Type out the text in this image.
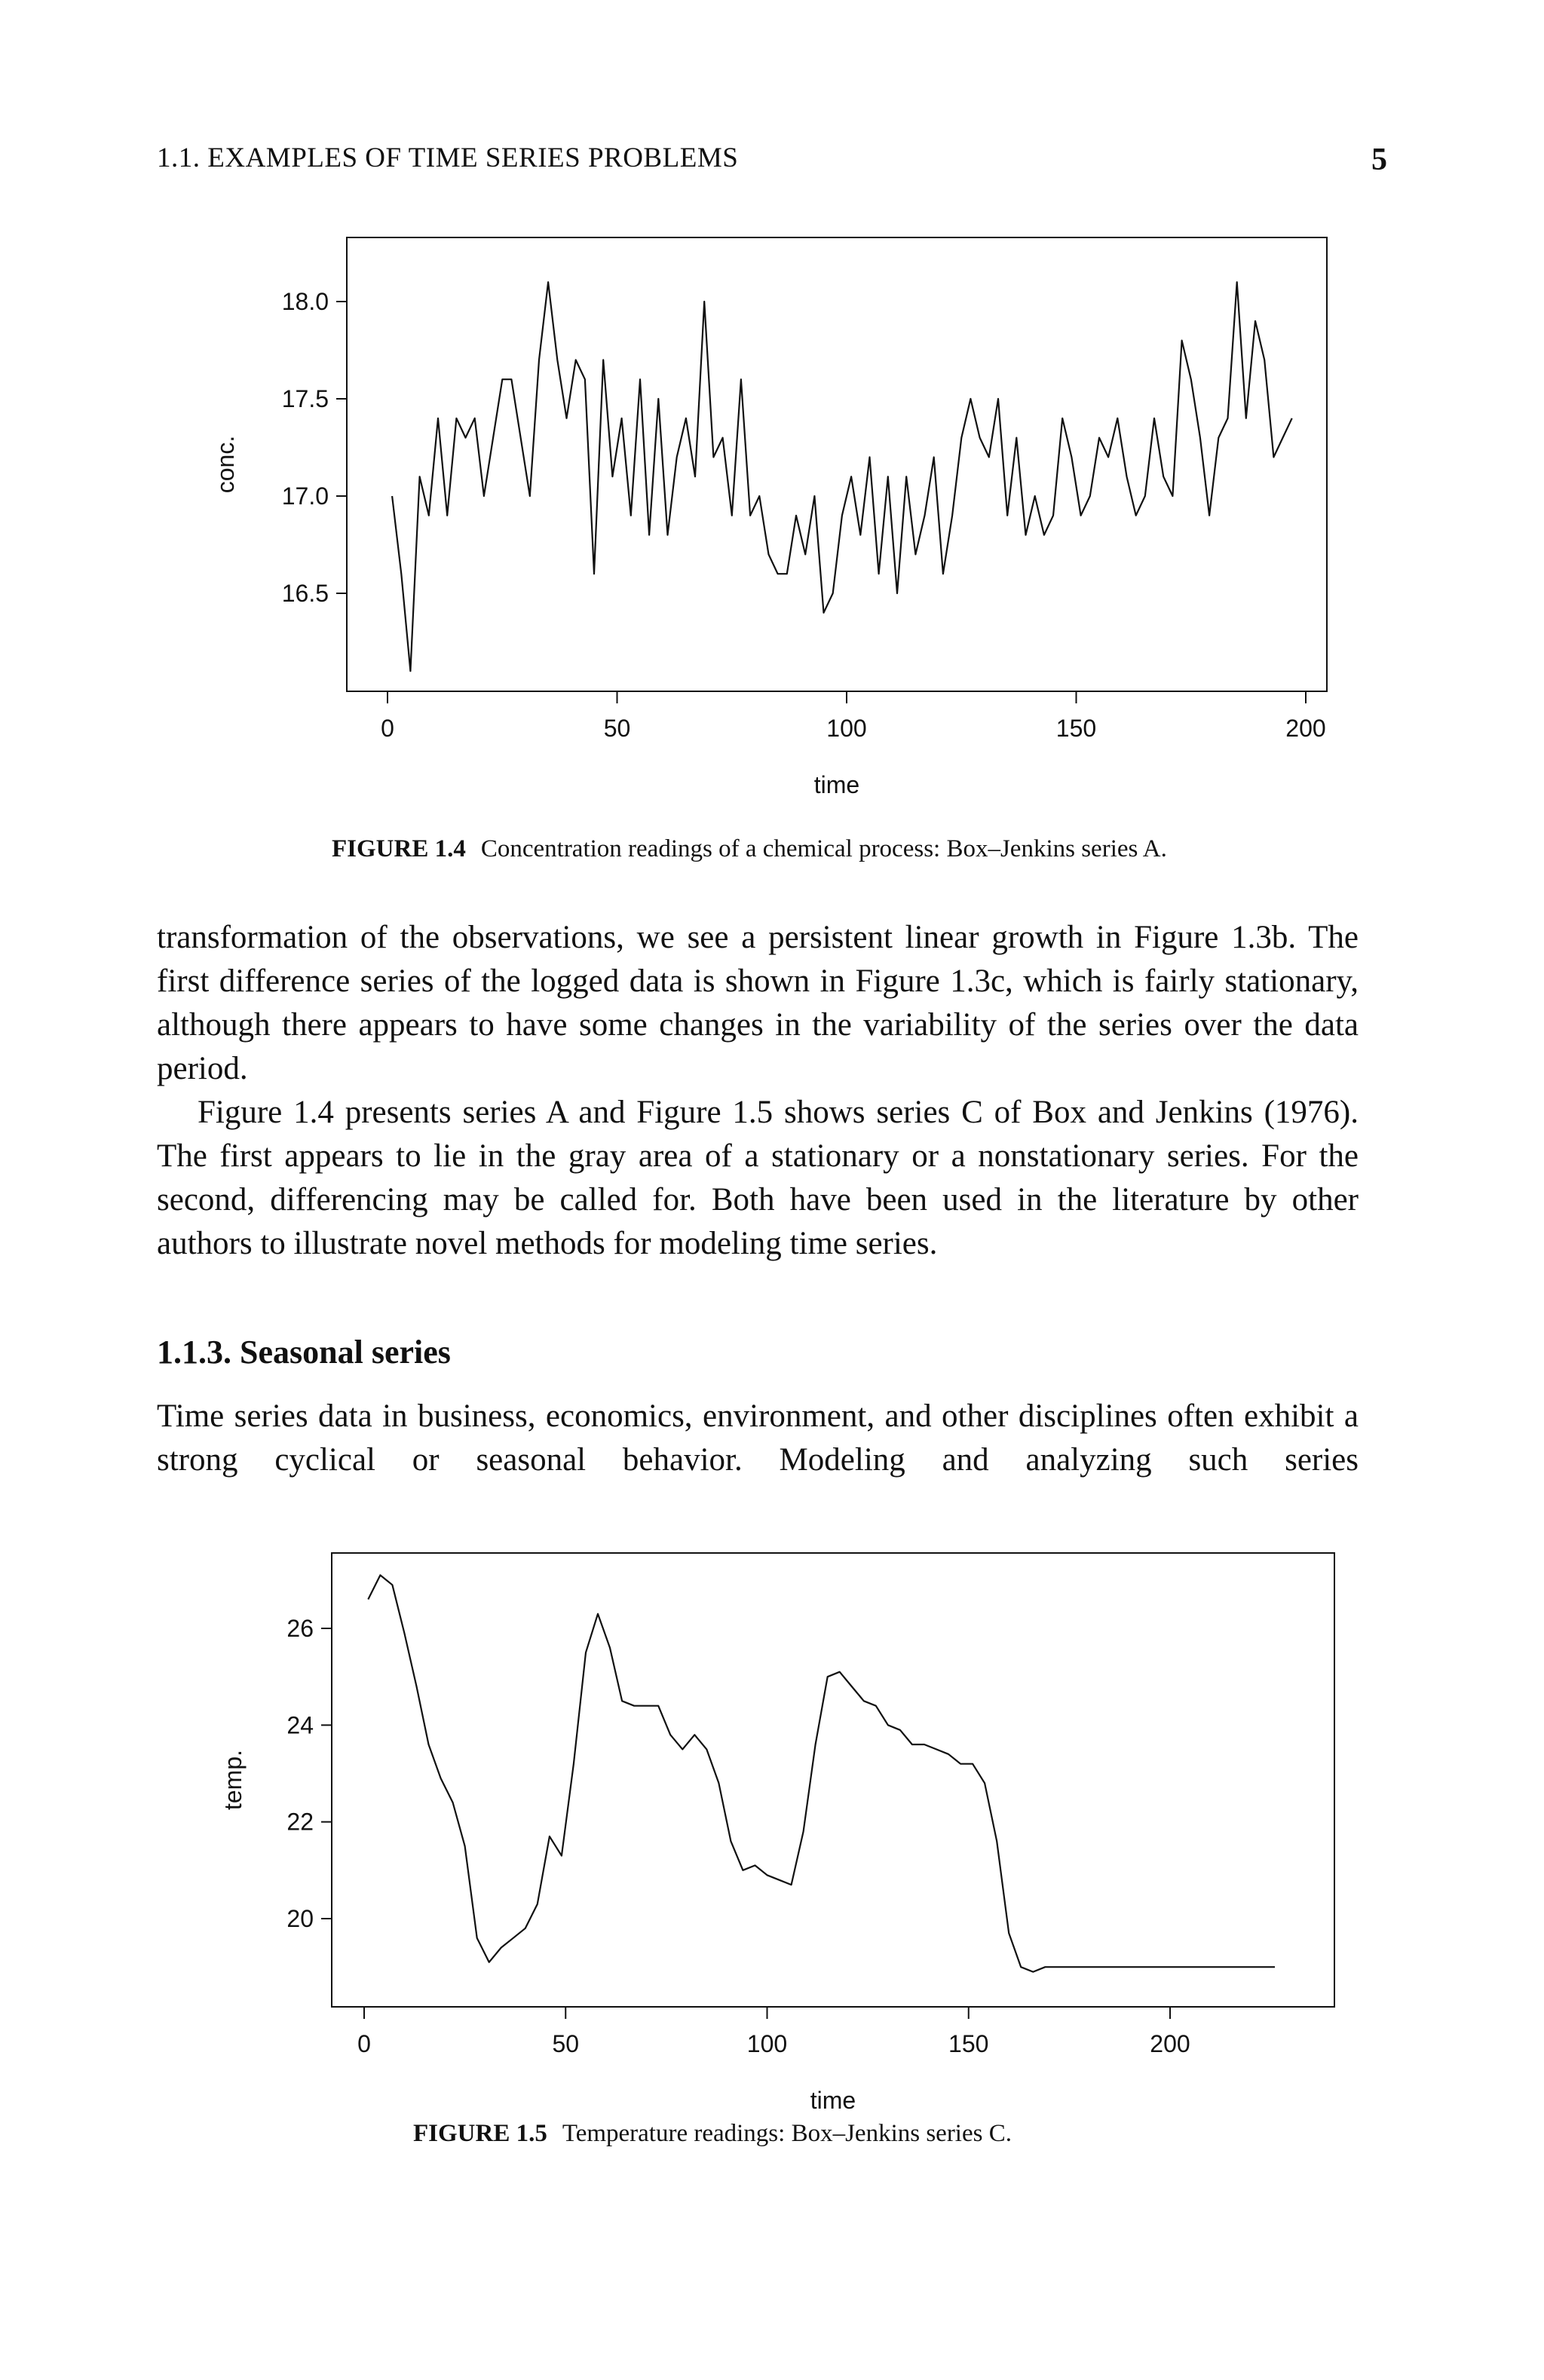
1.1. EXAMPLES OF TIME SERIES PROBLEMS	5
0	50	100	150	200
16.5
17.0
17.5
18.0
time
conc.
FIGURE 1.4 Concentration readings of a chemical process: Box–Jenkins series A.

transformation of the observations, we see a persistent linear growth in Figure 1.3b. The first difference series of the logged data is shown in Figure 1.3c, which is fairly stationary, although there appears to have some changes in the variability of the series over the data period.

Figure 1.4 presents series A and Figure 1.5 shows series C of Box and Jenkins (1976). The first appears to lie in the gray area of a stationary or a nonstationary series. For the second, differencing may be called for. Both have been used in the literature by other authors to illustrate novel methods for modeling time series.

1.1.3. Seasonal series

Time series data in business, economics, environment, and other disciplines often exhibit a strong cyclical or seasonal behavior. Modeling and analyzing such series

0	50	100	150	200
20
22
24
26
time
temp.
FIGURE 1.5 Temperature readings: Box–Jenkins series C.
